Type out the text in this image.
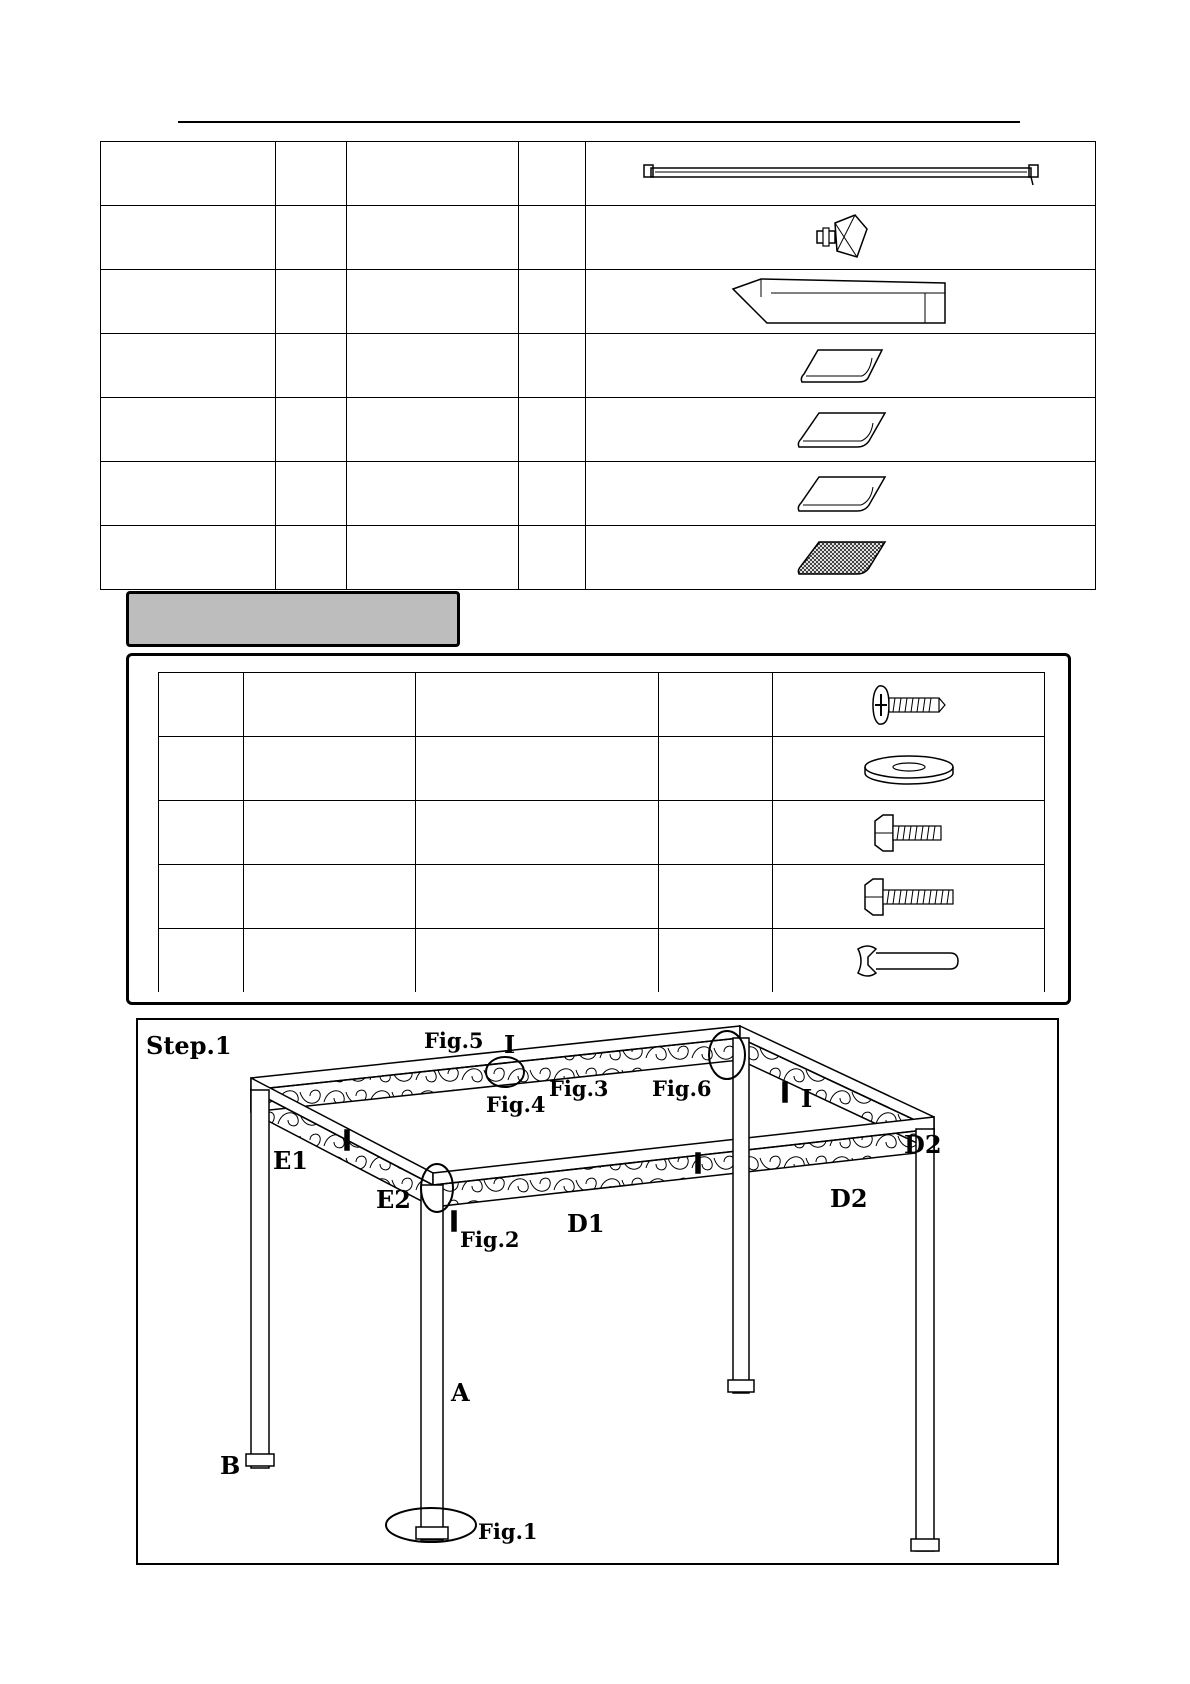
Step.1	Fig.5 I
Fig.3 Fig.6
Fig.4	I
D2
E1
E2	D2
Fig.2
D1
A
B
Fig.1
